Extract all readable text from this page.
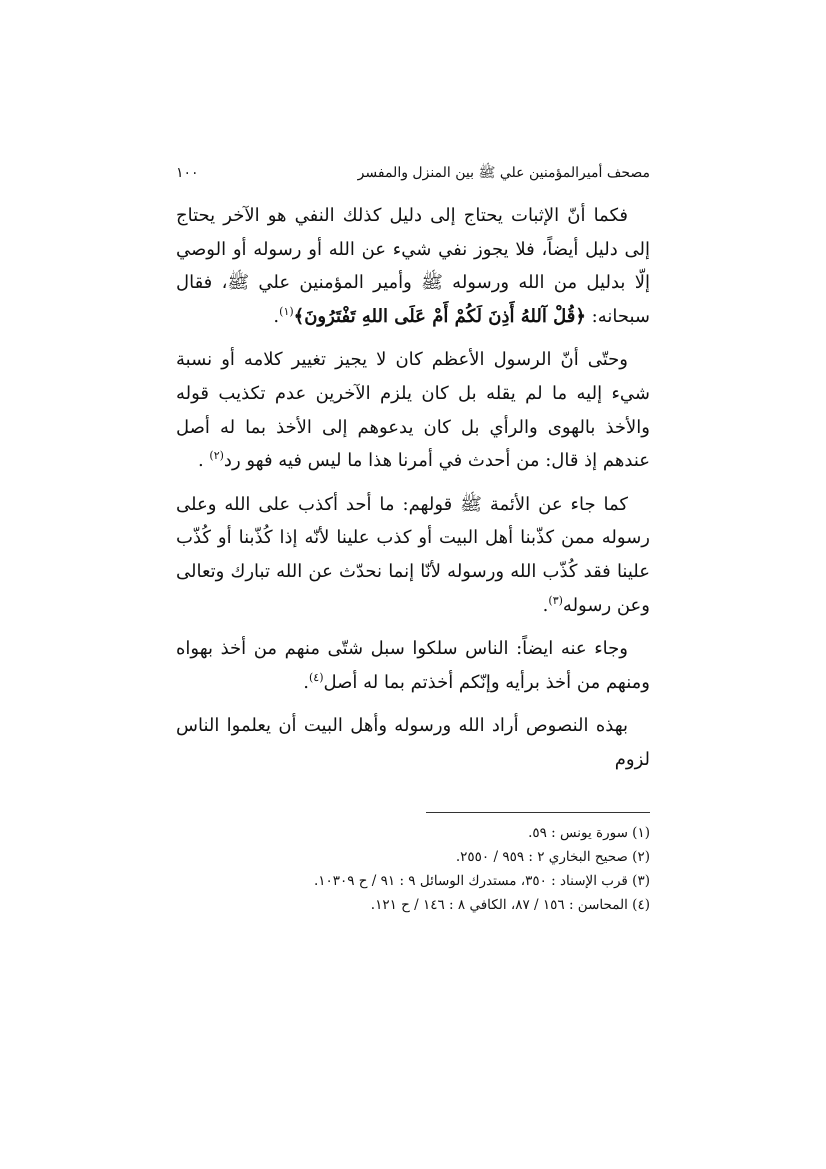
مصحف أميرالمؤمنين علي ﷺ بين المنزل والمفسر
١٠٠

فكما أنّ الإثبات يحتاج إلى دليل كذلك النفي هو الآخر يحتاج إلى دليل أيضاً، فلا يجوز نفي شيء عن الله أو رسوله أو الوصي إلّا بدليل من الله ورسوله ﷺ وأمير المؤمنين علي ﷺ، فقال سبحانه: ﴿قُلْ آللهُ أَذِنَ لَكُمْ أَمْ عَلَى اللهِ تَفْتَرُونَ﴾$^{(١)}$.

وحتّى أنّ الرسول الأعظم كان لا يجيز تغيير كلامه أو نسبة شيء إليه ما لم يقله بل كان يلزم الآخرين عدم تكذيب قوله والأخذ بالهوى والرأي بل كان يدعوهم إلى الأخذ بما له أصل عندهم إذ قال: من أحدث في أمرنا هذا ما ليس فيه فهو رد$^{(٢)}$ .

كما جاء عن الأئمة ﷺ قولهم: ما أحد أكذب على الله وعلى رسوله ممن كذّبنا أهل البيت أو كذب علينا لأنّه إذا كُذّبنا أو كُذّب علينا فقد كُذّب الله ورسوله لأنّا إنما نحدّث عن الله تبارك وتعالى وعن رسوله$^{(٣)}$.

وجاء عنه ايضاً: الناس سلكوا سبل شتّى منهم من أخذ بهواه ومنهم من أخذ برأيه وإنّكم أخذتم بما له أصل$^{(٤)}$.

بهذه النصوص أراد الله ورسوله وأهل البيت أن يعلموا الناس لزوم

(١) سورة يونس : ٥٩.
(٢) صحيح البخاري ٢ : ٩٥٩ / ٢٥٥٠.
(٣) قرب الإسناد : ٣٥٠، مستدرك الوسائل ٩ : ٩١ / ح ١٠٣٠٩.
(٤) المحاسن : ١٥٦ / ٨٧، الكافي ٨ : ١٤٦ / ح ١٢١.
